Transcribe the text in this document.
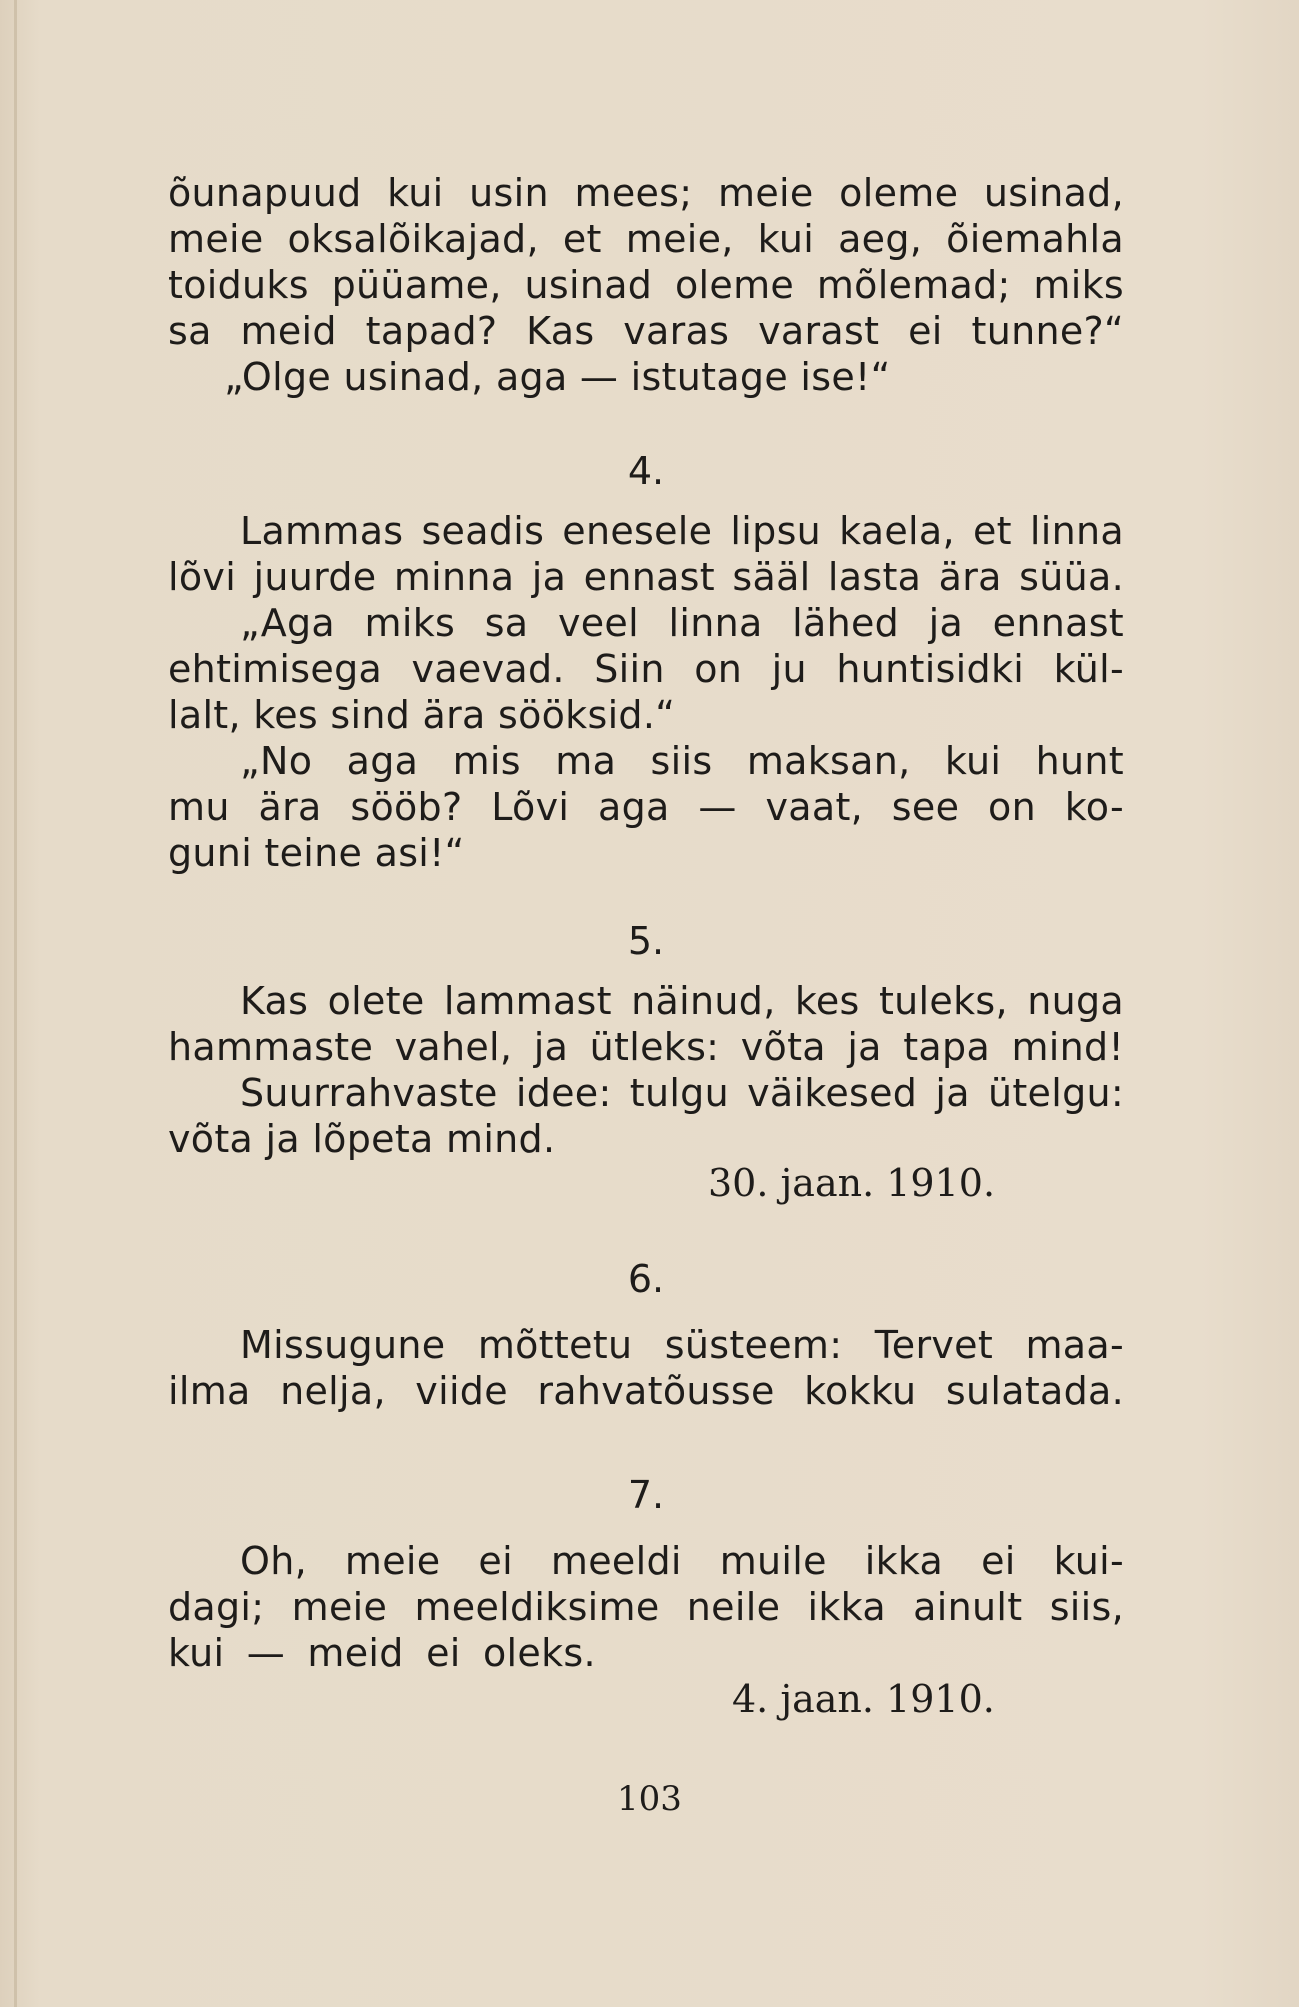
õunapuud kui usin mees; meie oleme usinad,
meie oksalõikajad, et meie, kui aeg, õiemahla
toiduks püüame, usinad oleme mõlemad; miks
sa meid tapad? Kas varas varast ei tunne?“
„Olge usinad, aga — istutage ise!“
4.
Lammas seadis enesele lipsu kaela, et linna
lõvi juurde minna ja ennast sääl lasta ära süüa.
„Aga miks sa veel linna lähed ja ennast
ehtimisega vaevad. Siin on ju huntisidki kül-
lalt, kes sind ära sööksid.“
„No aga mis ma siis maksan, kui hunt
mu ära sööb? Lõvi aga — vaat, see on ko-
guni teine asi!“
5.
Kas olete lammast näinud, kes tuleks, nuga
hammaste vahel, ja ütleks: võta ja tapa mind!
Suurrahvaste idee: tulgu väikesed ja ütelgu:
võta ja lõpeta mind.
30. jaan. 1910.
6.
Missugune mõttetu süsteem: Tervet maa-
ilma nelja, viide rahvatõusse kokku sulatada.
7.
Oh, meie ei meeldi muile ikka ei kui-
dagi; meie meeldiksime neile ikka ainult siis,
kui — meid ei oleks.
4. jaan. 1910.
103
